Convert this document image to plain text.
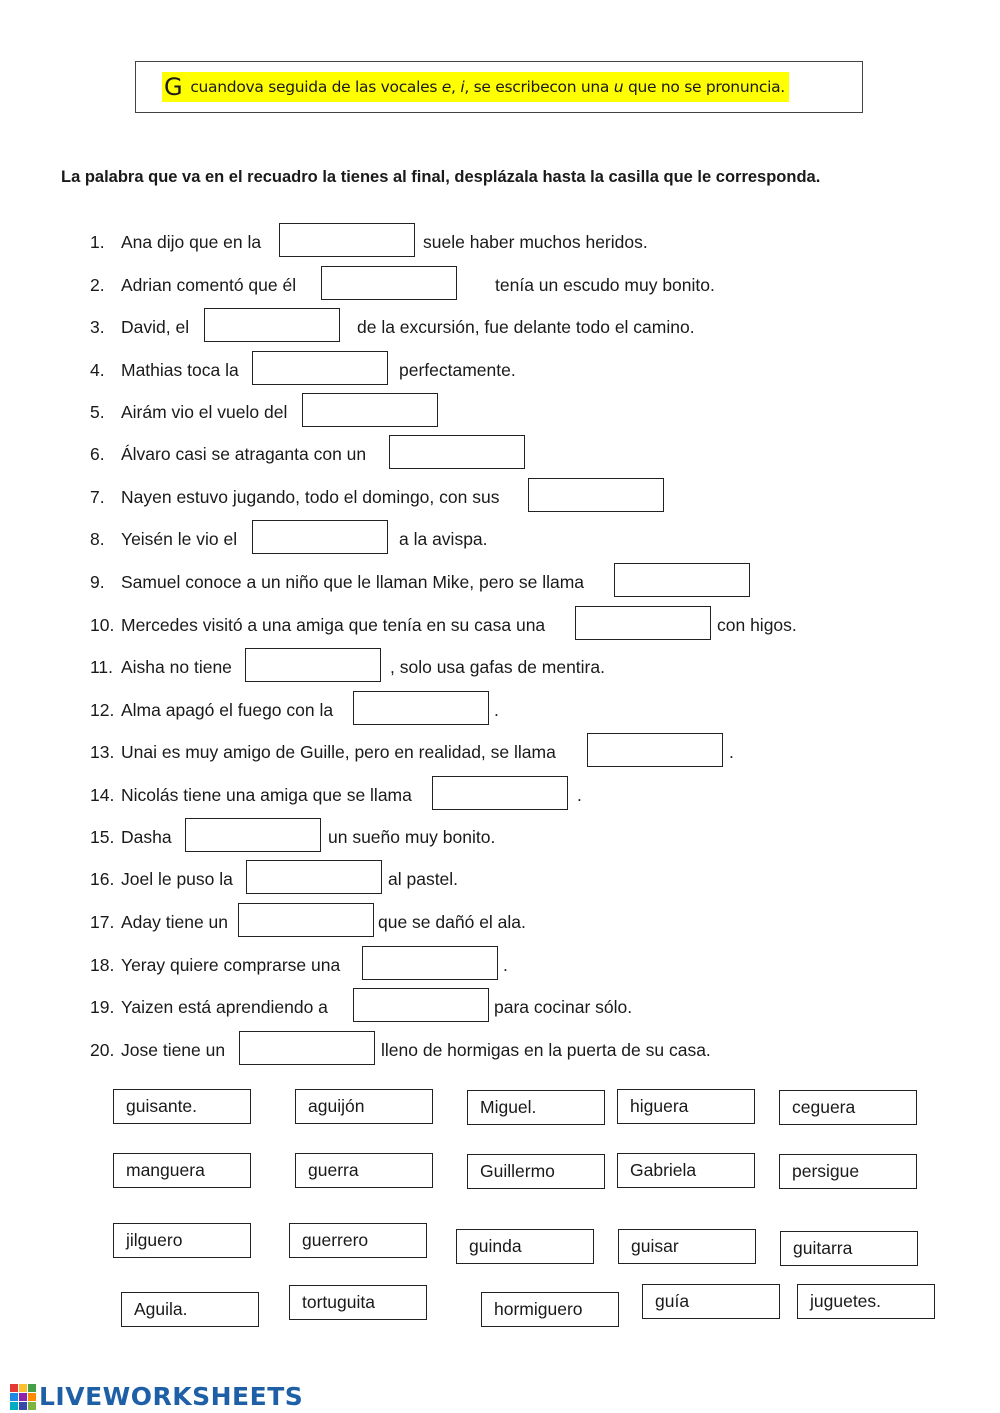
G cuandova seguida de las vocales
e ,
i , se escribecon una
u
que no se pronuncia.
La palabra que va en el recuadro la tienes al final, desplázala hasta la casilla que le corresponda.
1. Ana dijo que en la	suele haber muchos heridos.
2. Adrian comentó que él	tenía un escudo muy bonito.
3. David, el	de la excursión, fue delante todo el camino.
4. Mathias toca la	perfectamente.
5. Airám vio el vuelo del
6. Álvaro casi se atraganta con un
7. Nayen estuvo jugando, todo el domingo, con sus
8. Yeisén le vio el	a la avispa.
9. Samuel conoce a un niño que le llaman Mike, pero se llama
10. Mercedes visitó a una amiga que tenía en su casa una	con higos.
11. Aisha no tiene	, solo usa gafas de mentira.
12. Alma apagó el fuego con la	.
13. Unai es muy amigo de Guille, pero en realidad, se llama	.
14. Nicolás tiene una amiga que se llama	.
15. Dasha	un sueño muy bonito.
16. Joel le puso la	al pastel.
17. Aday tiene un	que se dañó el ala.
18. Yeray quiere comprarse una	.
19. Yaizen está aprendiendo a	para cocinar sólo.
20. Jose tiene un	lleno de hormigas en la puerta de su casa.
guisante.	aguijón	Miguel.	higuera	ceguera
manguera	guerra	Guillermo	Gabriela	persigue
jilguero	guerrero	guinda	guisar	guitarra
Aguila.	tortuguita	hormiguero	guía	juguetes.
LIVEWORKSHEETS
